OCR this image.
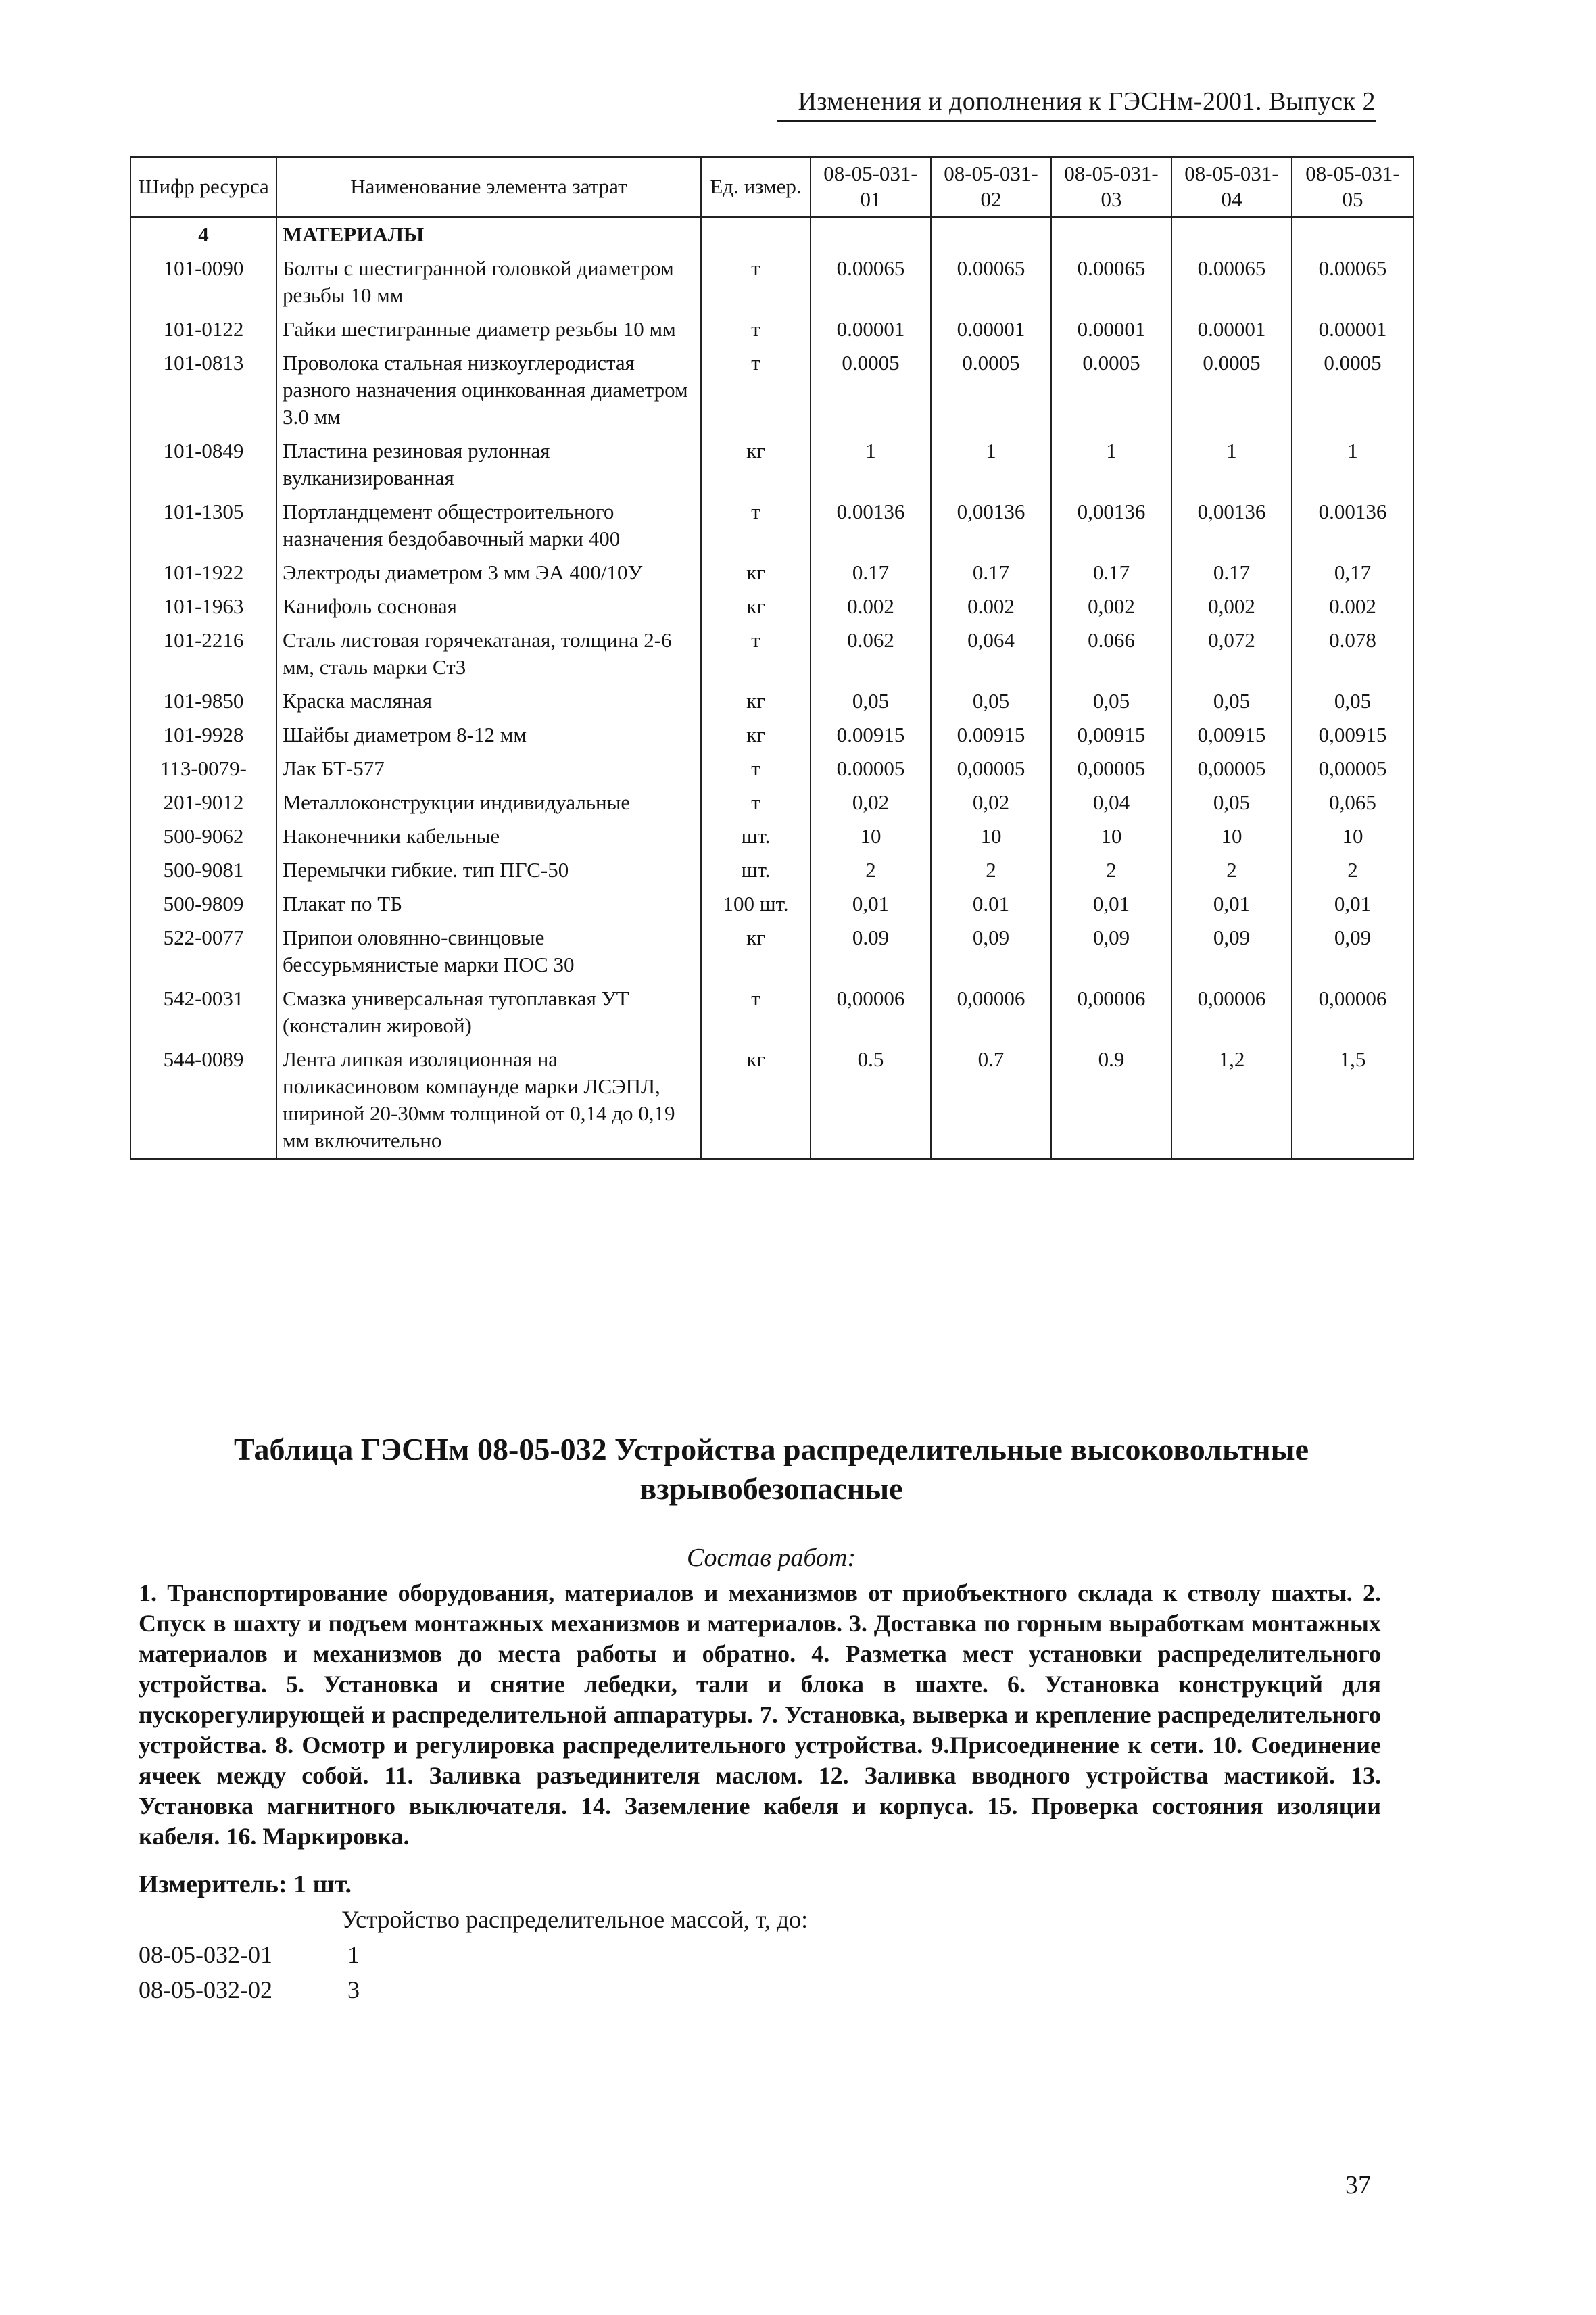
Изменения и дополнения к ГЭСНм-2001. Выпуск 2
Шифр ресурса	Наименование элемента затрат	Ед. измер.	08-05-031-01	08-05-031-02	08-05-031-03	08-05-031-04	08-05-031-05
4	МАТЕРИАЛЫ						
101-0090	Болты с шестигранной головкой диаметром резьбы 10 мм	т	0.00065	0.00065	0.00065	0.00065	0.00065
101-0122	Гайки шестигранные диаметр резьбы 10 мм	т	0.00001	0.00001	0.00001	0.00001	0.00001
101-0813	Проволока стальная низкоуглеродистая разного назначения оцинкованная диаметром 3.0 мм	т	0.0005	0.0005	0.0005	0.0005	0.0005
101-0849	Пластина резиновая рулонная вулканизированная	кг	1	1	1	1	1
101-1305	Портландцемент общестроительного назначения бездобавочный марки 400	т	0.00136	0,00136	0,00136	0,00136	0.00136
101-1922	Электроды диаметром 3 мм ЭА 400/10У	кг	0.17	0.17	0.17	0.17	0,17
101-1963	Канифоль сосновая	кг	0.002	0.002	0,002	0,002	0.002
101-2216	Сталь листовая горячекатаная, толщина 2-6 мм, сталь марки Ст3	т	0.062	0,064	0.066	0,072	0.078
101-9850	Краска масляная	кг	0,05	0,05	0,05	0,05	0,05
101-9928	Шайбы диаметром 8-12 мм	кг	0.00915	0.00915	0,00915	0,00915	0,00915
113-0079-	Лак БТ-577	т	0.00005	0,00005	0,00005	0,00005	0,00005
201-9012	Металлоконструкции индивидуальные	т	0,02	0,02	0,04	0,05	0,065
500-9062	Наконечники кабельные	шт.	10	10	10	10	10
500-9081	Перемычки гибкие. тип ПГС-50	шт.	2	2	2	2	2
500-9809	Плакат по ТБ	100 шт.	0,01	0.01	0,01	0,01	0,01
522-0077	Припои оловянно-свинцовые бессурьмянистые марки ПОС 30	кг	0.09	0,09	0,09	0,09	0,09
542-0031	Смазка универсальная тугоплавкая УТ (консталин жировой)	т	0,00006	0,00006	0,00006	0,00006	0,00006
544-0089	Лента липкая изоляционная на поликасиновом компаунде марки ЛСЭПЛ, шириной 20-30мм толщиной от 0,14 до 0,19 мм включительно	кг	0.5	0.7	0.9	1,2	1,5
Таблица ГЭСНм 08-05-032 Устройства распределительные высоковольтные
взрывобезопасные
Состав работ:
1. Транспортирование оборудования, материалов и механизмов от приобъектного склада к стволу шахты. 2. Спуск в шахту и подъем монтажных механизмов и материалов. 3. Доставка по горным выработкам монтажных материалов и механизмов до места работы и обратно. 4. Разметка мест установки распределительного устройства. 5. Установка и снятие лебедки, тали и блока в шахте. 6. Установка конструкций для пускорегулирующей и распределительной аппаратуры. 7. Установка, выверка и крепление распределительного устройства. 8. Осмотр и регулировка распределительного устройства. 9.Присоединение к сети. 10. Соединение ячеек между собой. 11. Заливка разъединителя маслом. 12. Заливка вводного устройства мастикой. 13. Установка магнитного выключателя. 14. Заземление кабеля и корпуса. 15. Проверка состояния изоляции кабеля. 16. Маркировка.
Измеритель: 1 шт.
Устройство распределительное массой, т, до:
08-05-032-01	1
08-05-032-02	3
37
